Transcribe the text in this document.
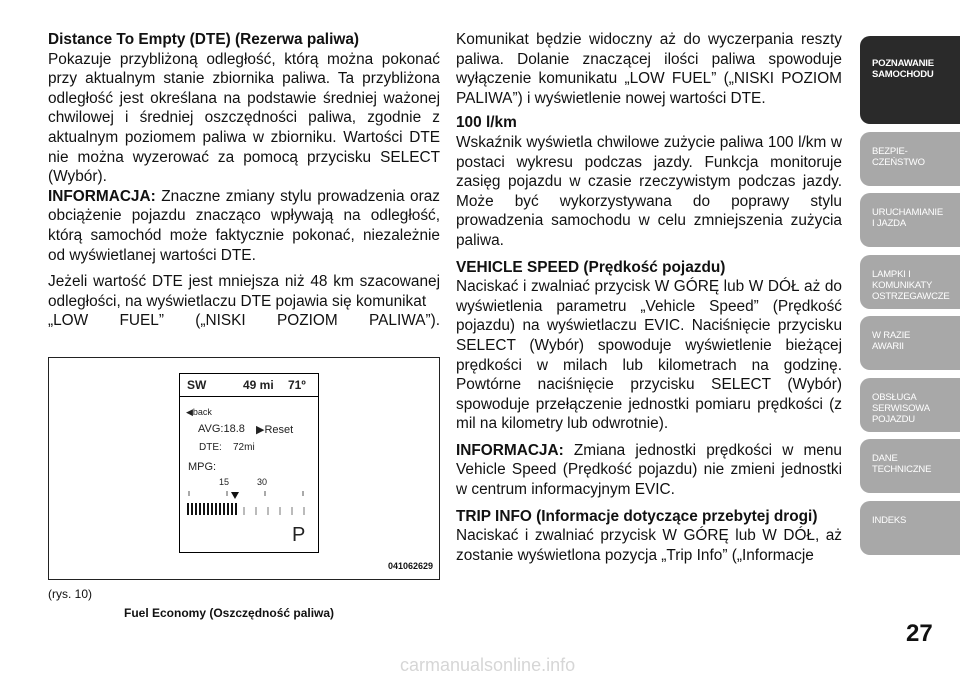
Distance To Empty (DTE) (Rezerwa paliwa)
Pokazuje przybliżoną odległość, którą można pokonać przy aktualnym stanie zbiornika paliwa. Ta przybliżona odległość jest określana na podstawie średniej ważonej chwilowej i średniej oszczędności paliwa, zgodnie z aktualnym poziomem paliwa w zbiorniku. Wartości DTE nie można wyzerować za pomocą przycisku SELECT (Wybór).

INFORMACJA: Znaczne zmiany stylu prowadzenia oraz obciążenie pojazdu znacząco wpływają na odległość, którą samochód może faktycznie pokonać, niezależnie od wyświetlanej wartości DTE.

Jeżeli wartość DTE jest mniejsza niż 48 km szacowanej odległości, na wyświetlaczu DTE pojawia się komunikat
„LOW FUEL” („NISKI POZIOM PALIWA”).

SW	49 mi 71º
◀back
AVG:18.8 ▶Reset
DTE: 72mi
MPG:
15	30
P
041062629
(rys. 10)
Fuel Economy (Oszczędność paliwa)

Komunikat będzie widoczny aż do wyczerpania reszty paliwa. Dolanie znaczącej ilości paliwa spowoduje wyłączenie komunikatu „LOW FUEL” („NISKI POZIOM PALIWA”) i wyświetlenie nowej wartości DTE.

100 l/km
Wskaźnik wyświetla chwilowe zużycie paliwa 100 l/km w postaci wykresu podczas jazdy. Funkcja monitoruje zasięg pojazdu w czasie rzeczywistym podczas jazdy. Może być wykorzystywana do poprawy stylu prowadzenia samochodu w celu zmniejszenia zużycia paliwa.

VEHICLE SPEED (Prędkość pojazdu)
Naciskać i zwalniać przycisk W GÓRĘ lub W DÓŁ aż do wyświetlenia parametru „Vehicle Speed” (Prędkość pojazdu) na wyświetlaczu EVIC. Naciśnięcie przycisku SELECT (Wybór) spowoduje wyświetlenie bieżącej prędkości w milach lub kilometrach na godzinę. Powtórne naciśnięcie przycisku SELECT (Wybór) spowoduje przełączenie jednostki pomiaru prędkości (z mil na kilometry lub odwrotnie).

INFORMACJA: Zmiana jednostki prędkości w menu Vehicle Speed (Prędkość pojazdu) nie zmieni jednostki w centrum informacyjnym EVIC.

TRIP INFO (Informacje dotyczące przebytej drogi)
Naciskać i zwalniać przycisk W GÓRĘ lub W DÓŁ, aż zostanie wyświetlona pozycja „Trip Info” („Informacje

POZNAWANIE
SAMOCHODU
BEZPIE-
CZEŃSTWO
URUCHAMIANIE
I JAZDA
LAMPKI I
KOMUNIKATY
OSTRZEGAWCZE
W RAZIE
AWARII
OBSŁUGA
SERWISOWA
POJAZDU
DANE
TECHNICZNE
INDEKS
27
carmanualsonline.info
